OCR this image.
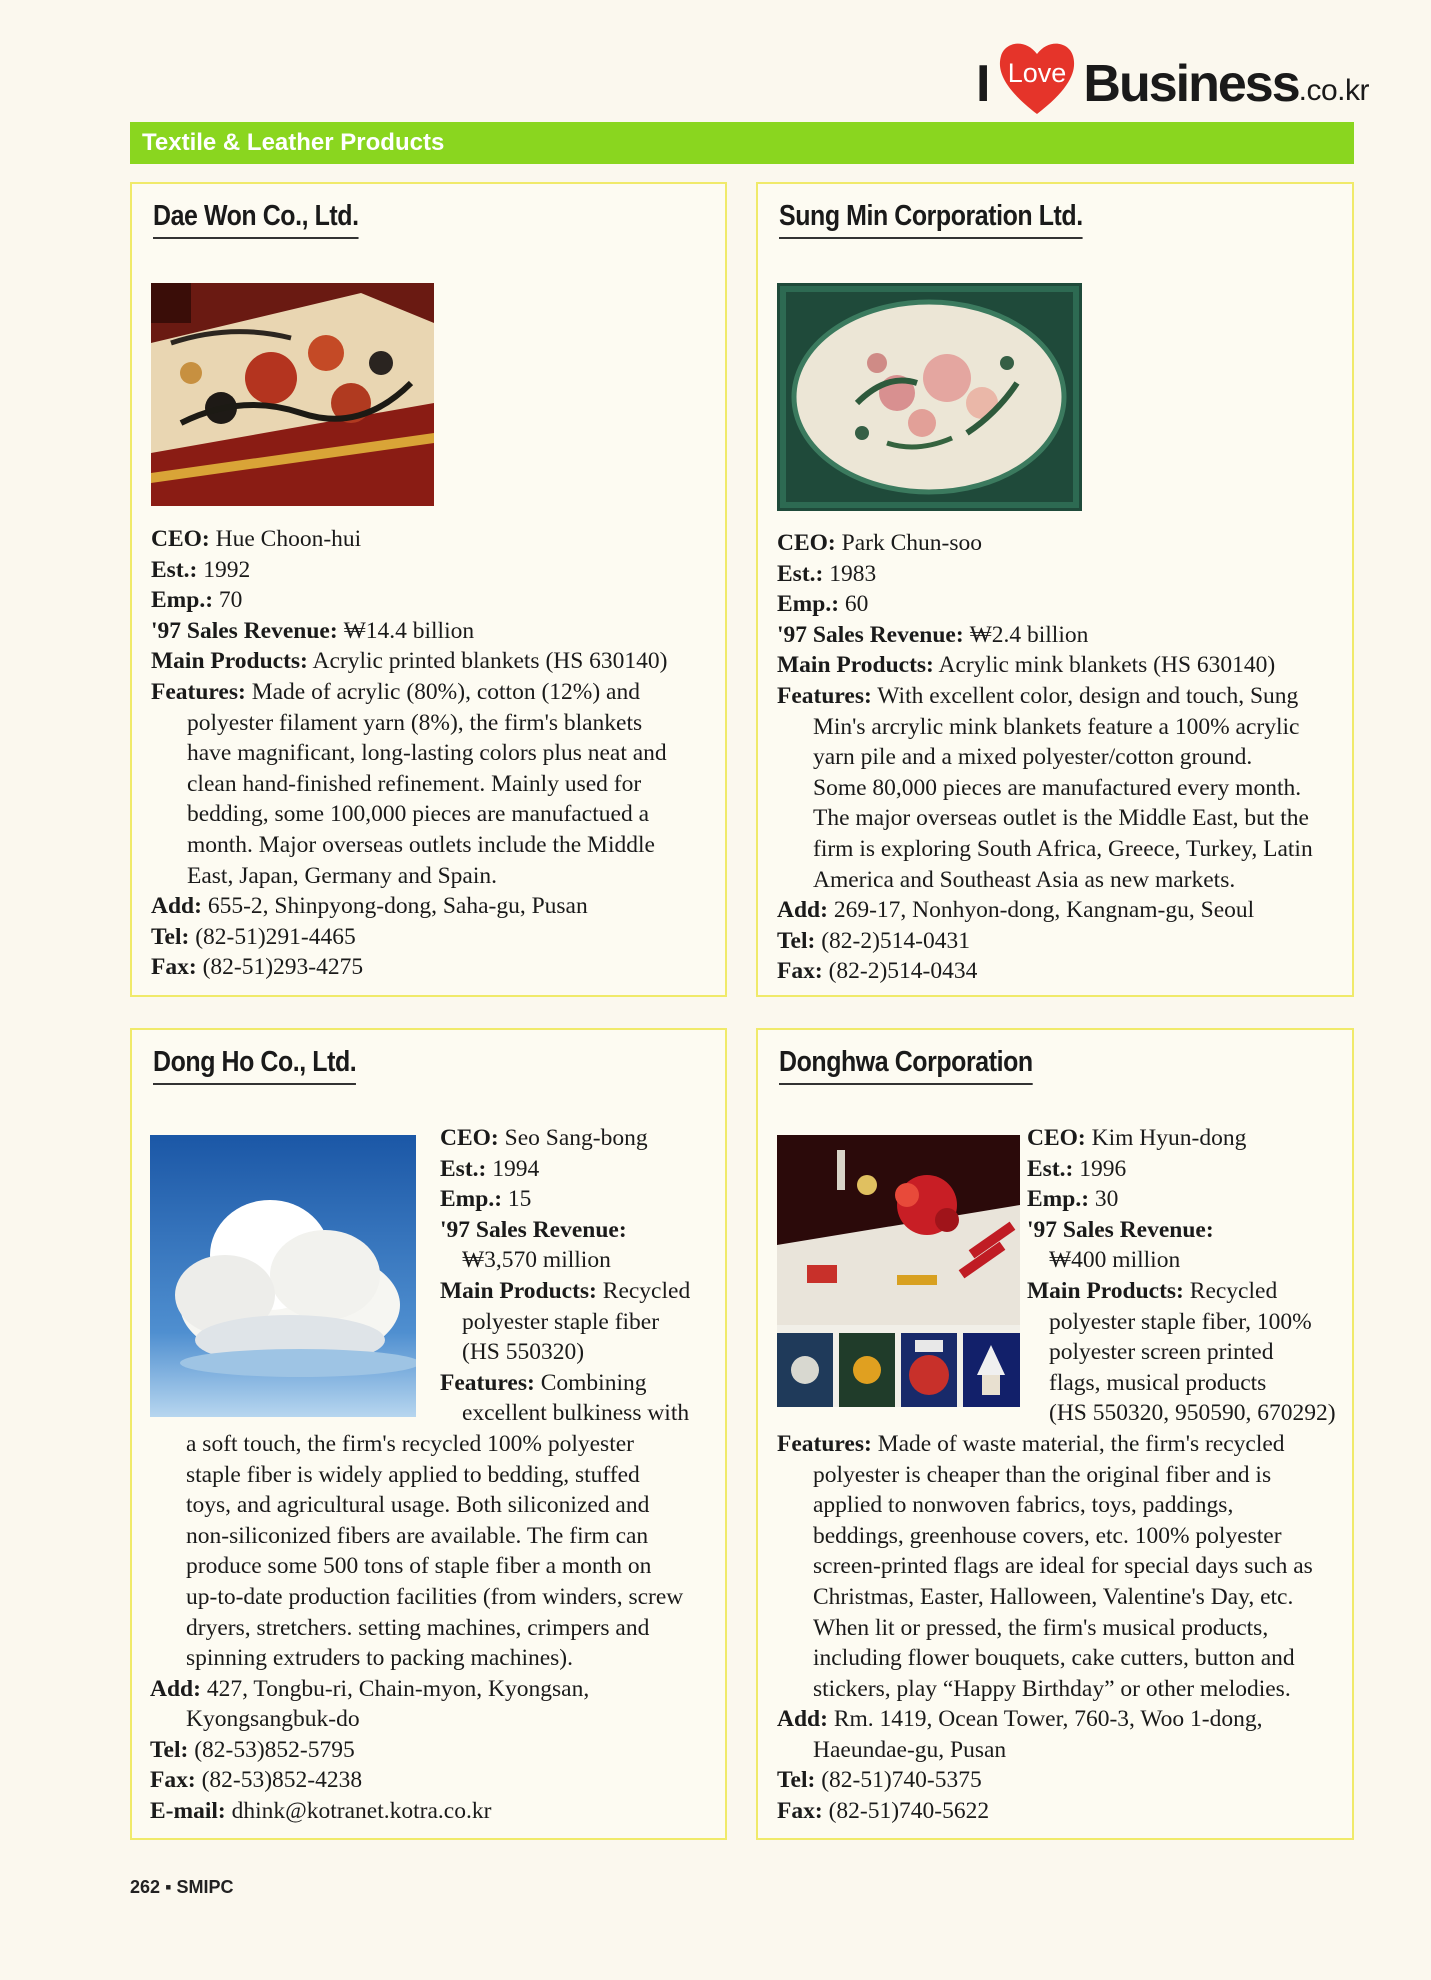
I Love Business .co.kr
Textile & Leather Products
Dae Won Co., Ltd.
CEO: Hue Choon-hui
Est.: 1992
Emp.: 70
'97 Sales Revenue: ₩14.4 billion
Main Products: Acrylic printed blankets (HS 630140)
Features: Made of acrylic (80%), cotton (12%) and
polyester filament yarn (8%), the firm's blankets
have magnificant, long-lasting colors plus neat and
clean hand-finished refinement. Mainly used for
bedding, some 100,000 pieces are manufactued a
month. Major overseas outlets include the Middle
East, Japan, Germany and Spain.
Add: 655-2, Shinpyong-dong, Saha-gu, Pusan
Tel: (82-51)291-4465
Fax: (82-51)293-4275
Sung Min Corporation Ltd.
CEO: Park Chun-soo
Est.: 1983
Emp.: 60
'97 Sales Revenue: ₩2.4 billion
Main Products: Acrylic mink blankets (HS 630140)
Features: With excellent color, design and touch, Sung
Min's arcrylic mink blankets feature a 100% acrylic
yarn pile and a mixed polyester/cotton ground.
Some 80,000 pieces are manufactured every month.
The major overseas outlet is the Middle East, but the
firm is exploring South Africa, Greece, Turkey, Latin
America and Southeast Asia as new markets.
Add: 269-17, Nonhyon-dong, Kangnam-gu, Seoul
Tel: (82-2)514-0431
Fax: (82-2)514-0434
Dong Ho Co., Ltd.
CEO: Seo Sang-bong
Est.: 1994
Emp.: 15
'97 Sales Revenue:
₩3,570 million
Main Products: Recycled
polyester staple fiber
(HS 550320)
Features: Combining
excellent bulkiness with
a soft touch, the firm's recycled 100% polyester
staple fiber is widely applied to bedding, stuffed
toys, and agricultural usage. Both siliconized and
non-siliconized fibers are available. The firm can
produce some 500 tons of staple fiber a month on
up-to-date production facilities (from winders, screw
dryers, stretchers. setting machines, crimpers and
spinning extruders to packing machines).
Add: 427, Tongbu-ri, Chain-myon, Kyongsan,
Kyongsangbuk-do
Tel: (82-53)852-5795
Fax: (82-53)852-4238
E-mail: dhink@kotranet.kotra.co.kr
Donghwa Corporation
CEO: Kim Hyun-dong
Est.: 1996
Emp.: 30
'97 Sales Revenue:
₩400 million
Main Products: Recycled
polyester staple fiber, 100%
polyester screen printed
flags, musical products
(HS 550320, 950590, 670292)
Features: Made of waste material, the firm's recycled
polyester is cheaper than the original fiber and is
applied to nonwoven fabrics, toys, paddings,
beddings, greenhouse covers, etc. 100% polyester
screen-printed flags are ideal for special days such as
Christmas, Easter, Halloween, Valentine's Day, etc.
When lit or pressed, the firm's musical products,
including flower bouquets, cake cutters, button and
stickers, play “Happy Birthday” or other melodies.
Add: Rm. 1419, Ocean Tower, 760-3, Woo 1-dong,
Haeundae-gu, Pusan
Tel: (82-51)740-5375
Fax: (82-51)740-5622
262 ▪ SMIPC
